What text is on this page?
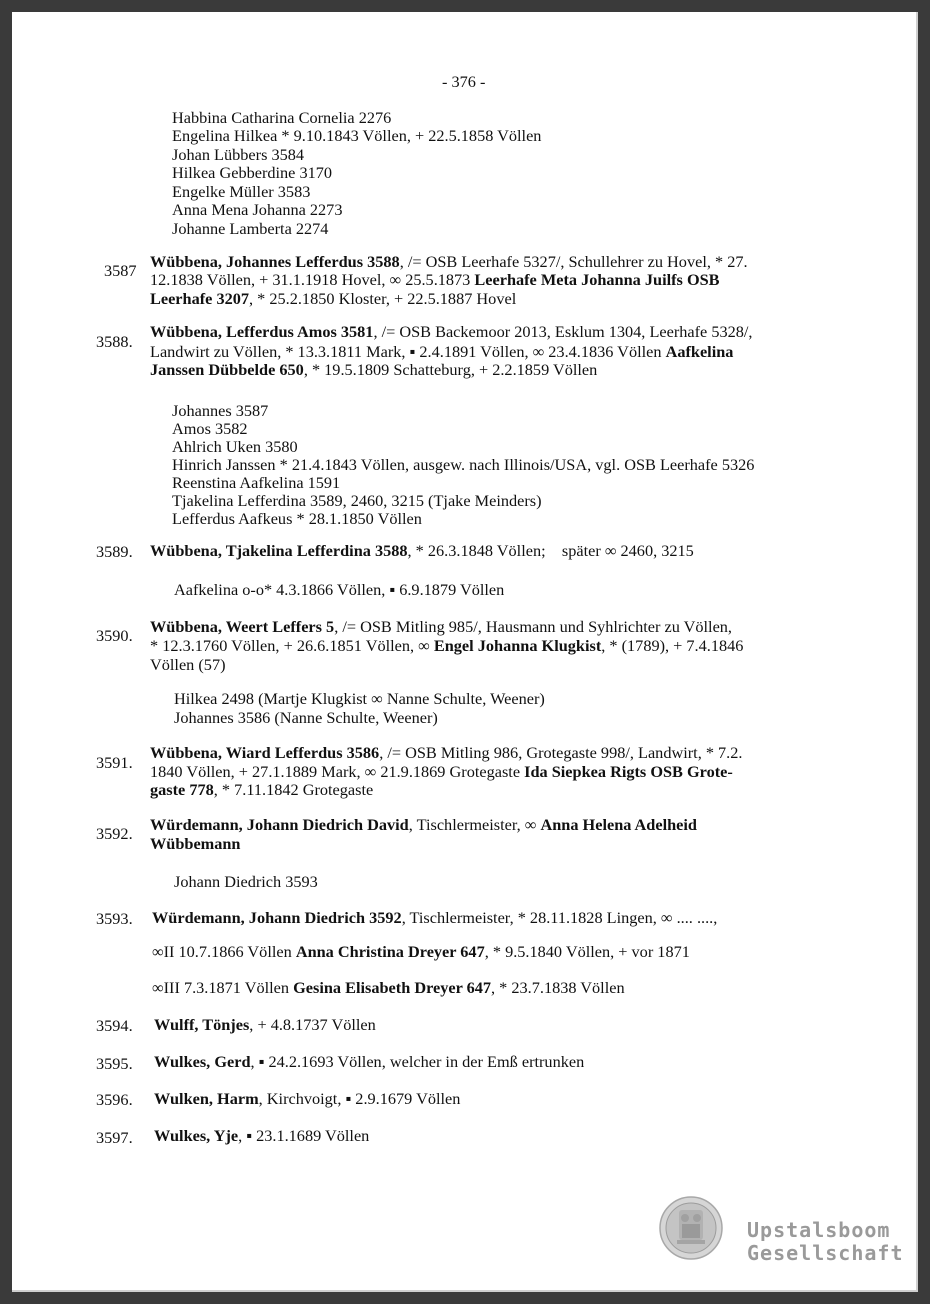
- 376 -
Habbina Catharina Cornelia 2276
Engelina Hilkea * 9.10.1843 Völlen, + 22.5.1858 Völlen
Johan Lübbers 3584
Hilkea Gebberdine 3170
Engelke Müller 3583
Anna Mena Johanna 2273
Johanne Lamberta 2274
3587 Wübbena, Johannes Lefferdus 3588, /= OSB Leerhafe 5327/, Schullehrer zu Hovel, * 27.
12.1838 Völlen, + 31.1.1918 Hovel, ∞ 25.5.1873 Leerhafe Meta Johanna Juilfs OSB
Leerhafe 3207, * 25.2.1850 Kloster, + 22.5.1887 Hovel
3588.
Wübbena, Lefferdus Amos 3581, /= OSB Backemoor 2013, Esklum 1304, Leerhafe 5328/,
Landwirt zu Völlen, * 13.3.1811 Mark, ▪ 2.4.1891 Völlen, ∞ 23.4.1836 Völlen Aafkelina
Janssen Dübbelde 650, * 19.5.1809 Schatteburg, + 2.2.1859 Völlen
Johannes 3587
Amos 3582
Ahlrich Uken 3580
Hinrich Janssen * 21.4.1843 Völlen, ausgew. nach Illinois/USA, vgl. OSB Leerhafe 5326
Reenstina Aafkelina 1591
Tjakelina Lefferdina 3589, 2460, 3215 (Tjake Meinders)
Lefferdus Aafkeus * 28.1.1850 Völlen
3589. Wübbena, Tjakelina Lefferdina 3588, * 26.3.1848 Völlen;    später ∞ 2460, 3215
Aafkelina o-o* 4.3.1866 Völlen, ▪ 6.9.1879 Völlen
3590. Wübbena, Weert Leffers 5, /= OSB Mitling 985/, Hausmann und Syhlrichter zu Völlen,
* 12.3.1760 Völlen, + 26.6.1851 Völlen, ∞ Engel Johanna Klugkist, * (1789), + 7.4.1846
Völlen (57)
Hilkea 2498 (Martje Klugkist ∞ Nanne Schulte, Weener)
Johannes 3586 (Nanne Schulte, Weener)
3591.
Wübbena, Wiard Lefferdus 3586, /= OSB Mitling 986, Grotegaste 998/, Landwirt, * 7.2.
1840 Völlen, + 27.1.1889 Mark, ∞ 21.9.1869 Grotegaste Ida Siepkea Rigts OSB Grote-
gaste 778, * 7.11.1842 Grotegaste
3592. Würdemann, Johann Diedrich David, Tischlermeister, ∞ Anna Helena Adelheid
Wübbemann
Johann Diedrich 3593
3593. Würdemann, Johann Diedrich 3592, Tischlermeister, * 28.11.1828 Lingen, ∞ .... ....,
∞II 10.7.1866 Völlen Anna Christina Dreyer 647, * 9.5.1840 Völlen, + vor 1871
∞III 7.3.1871 Völlen Gesina Elisabeth Dreyer 647, * 23.7.1838 Völlen
3594. Wulff, Tönjes, + 4.8.1737 Völlen
3595. Wulkes, Gerd, ▪ 24.2.1693 Völlen, welcher in der Emß ertrunken
3596. Wulken, Harm, Kirchvoigt, ▪ 2.9.1679 Völlen
3597. Wulkes, Yje, ▪ 23.1.1689 Völlen
Upstalsboom
Gesellschaft
